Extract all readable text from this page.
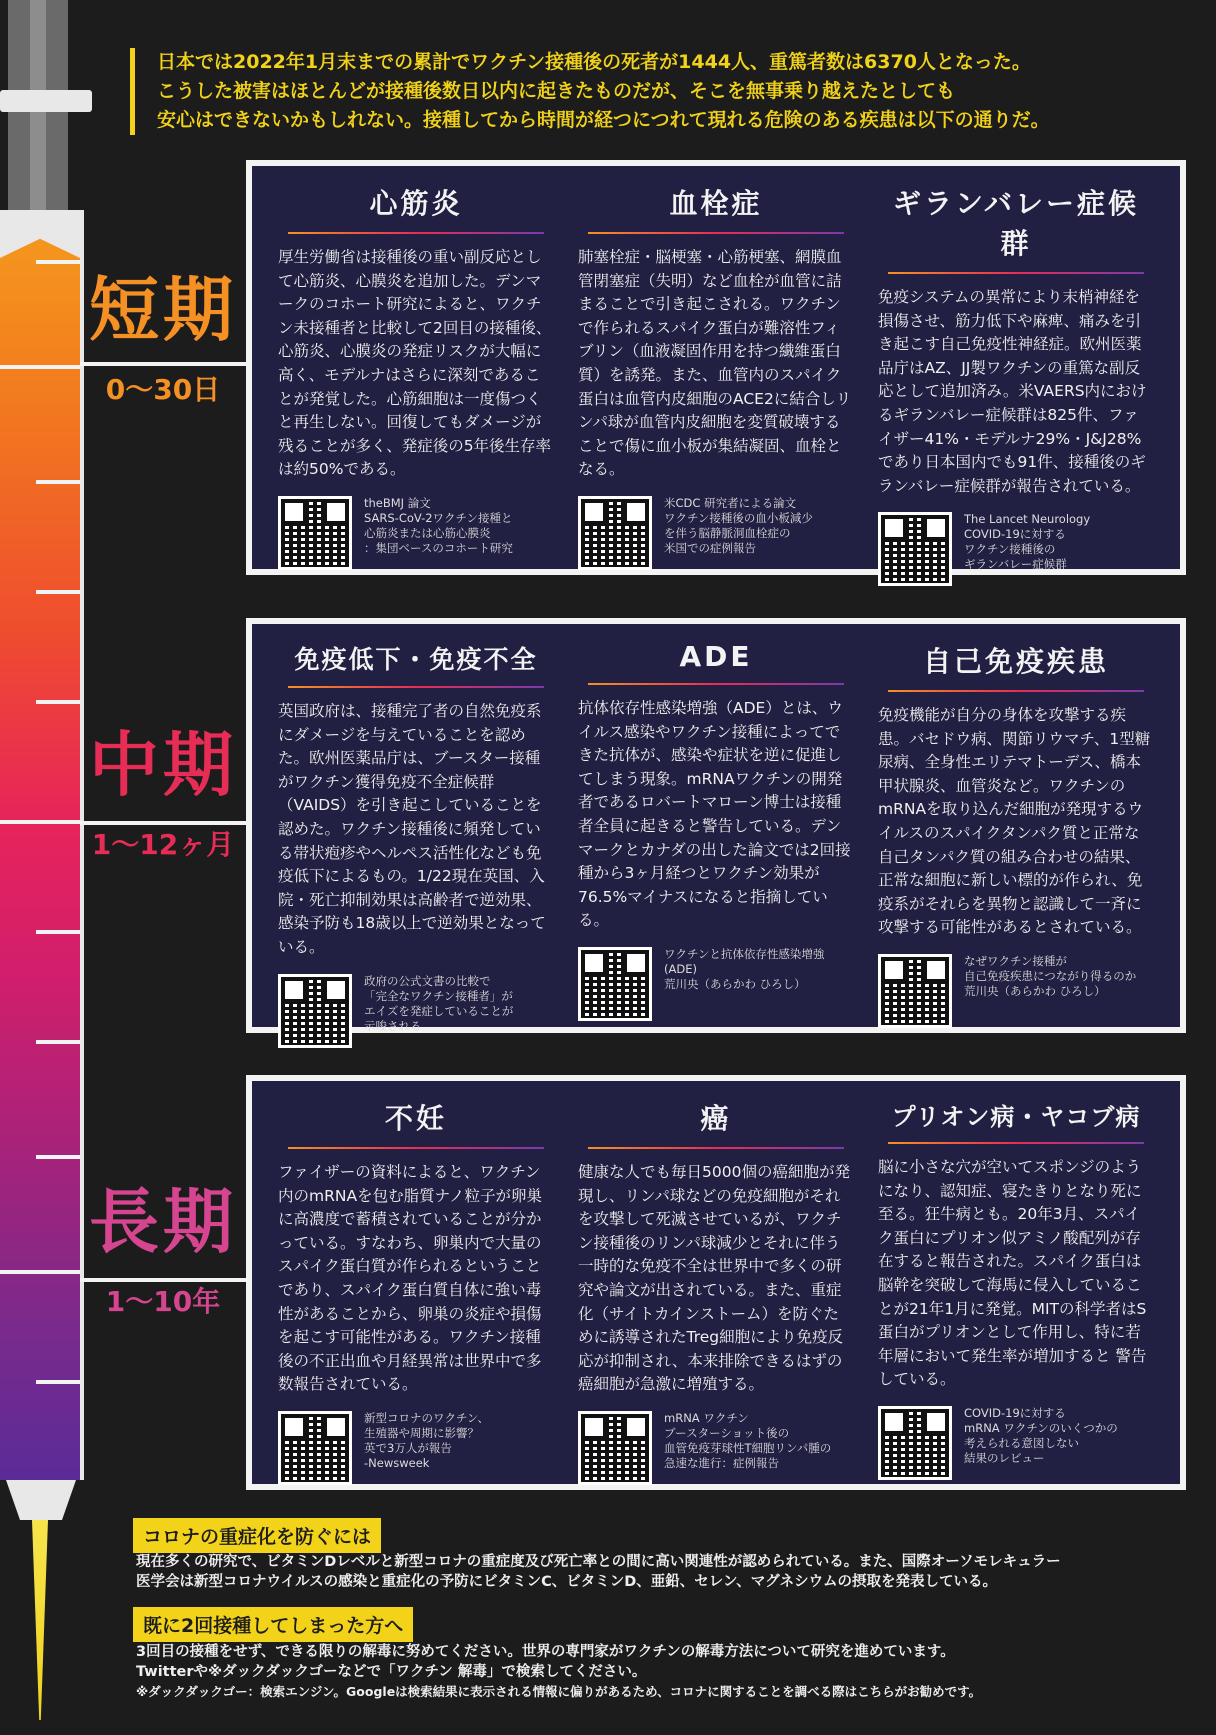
日本では2022年1月末までの累計でワクチン接種後の死者が1444人、重篤者数は6370人となった。
こうした被害はほとんどが接種後数日以内に起きたものだが、そこを無事乗り越えたとしても
安心はできないかもしれない。接種してから時間が経つにつれて現れる危険のある疾患は以下の通りだ。
短期
0〜30日
中期
1〜12ヶ月
長期
1〜10年
心筋炎

厚生労働省は接種後の重い副反応として心筋炎、心膜炎を追加した。デンマークのコホート研究によると、ワクチン未接種者と比較して2回目の接種後、心筋炎、心膜炎の発症リスクが大幅に高く、モデルナはさらに深刻であることが発覚した。心筋細胞は一度傷つくと再生しない。回復してもダメージが残ることが多く、発症後の5年後生存率は約50%である。

theBMJ 論文
SARS-CoV-2ワクチン接種と
心筋炎または心筋心膜炎
：集団ベースのコホート研究
血栓症

肺塞栓症・脳梗塞・心筋梗塞、網膜血管閉塞症（失明）など血栓が血管に詰まることで引き起こされる。ワクチンで作られるスパイク蛋白が難溶性フィブリン（血液凝固作用を持つ繊維蛋白質）を誘発。また、血管内のスパイク蛋白は血管内皮細胞のACE2に結合しリンパ球が血管内皮細胞を変質破壊することで傷に血小板が集結凝固、血栓となる。

米CDC 研究者による論文
ワクチン接種後の血小板減少
を伴う脳静脈洞血栓症の
米国での症例報告
ギランバレー症候群

免疫システムの異常により末梢神経を損傷させ、筋力低下や麻痺、痛みを引き起こす自己免疫性神経症。欧州医薬品庁はAZ、JJ製ワクチンの重篤な副反応として追加済み。米VAERS内におけるギランバレー症候群は825件、ファイザー41%・モデルナ29%・J&J28%であり日本国内でも91件、接種後のギランバレー症候群が報告されている。

The Lancet Neurology
COVID-19に対する
ワクチン接種後の
ギランバレー症候群
免疫低下・免疫不全

英国政府は、接種完了者の自然免疫系にダメージを与えていることを認めた。欧州医薬品庁は、ブースター接種がワクチン獲得免疫不全症候群（VAIDS）を引き起こしていることを認めた。ワクチン接種後に頻発している帯状疱疹やヘルペス活性化なども免疫低下によるもの。1/22現在英国、入院・死亡抑制効果は高齢者で逆効果、感染予防も18歳以上で逆効果となっている。

政府の公式文書の比較で
「完全なワクチン接種者」が
エイズを発症していることが
示唆される
ADE

抗体依存性感染増強（ADE）とは、ウイルス感染やワクチン接種によってできた抗体が、感染や症状を逆に促進してしまう現象。mRNAワクチンの開発者であるロバートマローン博士は接種者全員に起きると警告している。デンマークとカナダの出した論文では2回接種から3ヶ月経つとワクチン効果が76.5%マイナスになると指摘している。

ワクチンと抗体依存性感染増強
(ADE)
荒川央（あらかわ ひろし）
自己免疫疾患

免疫機能が自分の身体を攻撃する疾患。バセドウ病、関節リウマチ、1型糖尿病、全身性エリテマトーデス、橋本甲状腺炎、血管炎など。ワクチンのmRNAを取り込んだ細胞が発現するウイルスのスパイクタンパク質と正常な自己タンパク質の組み合わせの結果、正常な細胞に新しい標的が作られ、免疫系がそれらを異物と認識して一斉に攻撃する可能性があるとされている。

なぜワクチン接種が
自己免疫疾患につながり得るのか
荒川央（あらかわ ひろし）
不妊

ファイザーの資料によると、ワクチン内のmRNAを包む脂質ナノ粒子が卵巣に高濃度で蓄積されていることが分かっている。すなわち、卵巣内で大量のスパイク蛋白質が作られるということであり、スパイク蛋白質自体に強い毒性があることから、卵巣の炎症や損傷を起こす可能性がある。ワクチン接種後の不正出血や月経異常は世界中で多数報告されている。

新型コロナのワクチン、
生殖器や周期に影響？
英で3万人が報告
-Newsweek
癌

健康な人でも毎日5000個の癌細胞が発現し、リンパ球などの免疫細胞がそれを攻撃して死滅させているが、ワクチン接種後のリンパ球減少とそれに伴う一時的な免疫不全は世界中で多くの研究や論文が出されている。また、重症化（サイトカインストーム）を防ぐために誘導されたTreg細胞により免疫反応が抑制され、本来排除できるはずの癌細胞が急激に増殖する。

mRNA ワクチン
ブースターショット後の
血管免疫芽球性T細胞リンパ腫の
急速な進行：症例報告
プリオン病・ヤコブ病

脳に小さな穴が空いてスポンジのようになり、認知症、寝たきりとなり死に至る。狂牛病とも。20年3月、スパイク蛋白にプリオン似アミノ酸配列が存在すると報告された。スパイク蛋白は脳幹を突破して海馬に侵入していることが21年1月に発覚。MITの科学者はS蛋白がプリオンとして作用し、特に若年層において発生率が増加すると 警告している。

COVID-19に対する
mRNA ワクチンのいくつかの
考えられる意図しない
結果のレビュー
コロナの重症化を防ぐには
現在多くの研究で、ビタミンDレベルと新型コロナの重症度及び死亡率との間に高い関連性が認められている。また、国際オーソモレキュラー
医学会は新型コロナウイルスの感染と重症化の予防にビタミンC、ビタミンD、亜鉛、セレン、マグネシウムの摂取を発表している。
既に2回接種してしまった方へ
3回目の接種をせず、できる限りの解毒に努めてください。世界の専門家がワクチンの解毒方法について研究を進めています。
Twitterや※ダックダックゴーなどで「ワクチン 解毒」で検索してください。
※ダックダックゴー：検索エンジン。Googleは検索結果に表示される情報に偏りがあるため、コロナに関することを調べる際はこちらがお勧めです。
